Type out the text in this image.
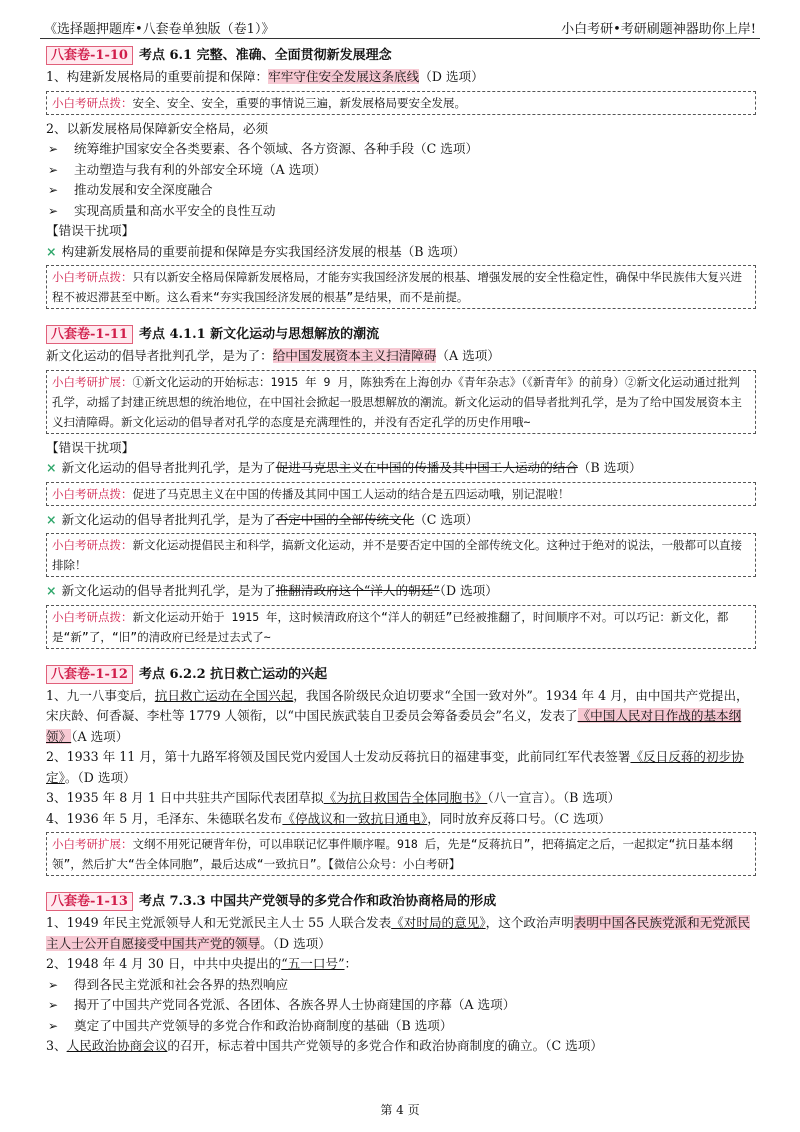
《选择题押题库•八套卷单独版（卷1）》	小白考研•考研刷题神器助你上岸!

八套卷-1-10 考点 6.1 完整、准确、全面贯彻新发展理念

1、构建新发展格局的重要前提和保障：牢牢守住安全发展这条底线（D 选项）

小白考研点拨：安全、安全、安全，重要的事情说三遍，新发展格局要安全发展。

2、以新发展格局保障新安全格局，必须

➢ 统筹维护国家安全各类要素、各个领域、各方资源、各种手段（C 选项）
➢ 主动塑造与我有利的外部安全环境（A 选项）
➢ 推动发展和安全深度融合
➢ 实现高质量和高水平安全的良性互动

【错误干扰项】

× 构建新发展格局的重要前提和保障是夯实我国经济发展的根基（B 选项）

小白考研点拨：只有以新安全格局保障新发展格局，才能夯实我国经济发展的根基、增强发展的安全性稳定性，确保中华民族伟大复兴进程不被迟滞甚至中断。这么看来“夯实我国经济发展的根基”是结果，而不是前提。

八套卷-1-11 考点 4.1.1 新文化运动与思想解放的潮流

新文化运动的倡导者批判孔学，是为了：给中国发展资本主义扫清障碍（A 选项）

小白考研扩展：①新文化运动的开始标志：1915 年 9 月，陈独秀在上海创办《青年杂志》（《新青年》的前身）②新文化运动通过批判孔学，动摇了封建正统思想的统治地位，在中国社会掀起一股思想解放的潮流。新文化运动的倡导者批判孔学，是为了给中国发展资本主义扫清障碍。新文化运动的倡导者对孔学的态度是充满理性的，并没有否定孔学的历史作用哦~

【错误干扰项】

× 新文化运动的倡导者批判孔学，是为了促进马克思主义在中国的传播及其中国工人运动的结合（B 选项）

小白考研点拨：促进了马克思主义在中国的传播及其同中国工人运动的结合是五四运动哦，别记混啦！

× 新文化运动的倡导者批判孔学，是为了否定中国的全部传统文化（C 选项）

小白考研点拨：新文化运动提倡民主和科学，搞新文化运动，并不是要否定中国的全部传统文化。这种过于绝对的说法，一般都可以直接排除！

× 新文化运动的倡导者批判孔学，是为了推翻清政府这个“洋人的朝廷”（D 选项）

小白考研点拨：新文化运动开始于 1915 年，这时候清政府这个“洋人的朝廷”已经被推翻了，时间顺序不对。可以巧记：新文化，都是“新”了，“旧”的清政府已经是过去式了~

八套卷-1-12 考点 6.2.2 抗日救亡运动的兴起

1、九一八事变后，抗日救亡运动在全国兴起，我国各阶级民众迫切要求“全国一致对外”。1934 年 4 月，由中国共产党提出，宋庆龄、何香凝、李杜等 1779 人领衔，以“中国民族武装自卫委员会筹备委员会”名义，发表了《中国人民对日作战的基本纲领》（A 选项）

2、1933 年 11 月，第十九路军将领及国民党内爱国人士发动反蒋抗日的福建事变，此前同红军代表签署《反日反蒋的初步协定》。（D 选项）

3、1935 年 8 月 1 日中共驻共产国际代表团草拟《为抗日救国告全体同胞书》（八一宣言）。（B 选项）

4、1936 年 5 月，毛泽东、朱德联名发布《停战议和一致抗日通电》，同时放弃反蒋口号。（C 选项）

小白考研扩展：文纲不用死记硬背年份，可以串联记忆事件顺序喔。918 后，先是“反蒋抗日”，把蒋搞定之后，一起拟定“抗日基本纲领”，然后扩大“告全体同胞”，最后达成“一致抗日”。【微信公众号：小白考研】

八套卷-1-13 考点 7.3.3 中国共产党领导的多党合作和政治协商格局的形成

1、1949 年民主党派领导人和无党派民主人士 55 人联合发表《对时局的意见》，这个政治声明表明中国各民族党派和无党派民主人士公开自愿接受中国共产党的领导。（D 选项）

2、1948 年 4 月 30 日，中共中央提出的“五一口号”：

➢ 得到各民主党派和社会各界的热烈响应
➢ 揭开了中国共产党同各党派、各团体、各族各界人士协商建国的序幕（A 选项）
➢ 奠定了中国共产党领导的多党合作和政治协商制度的基础（B 选项）

3、人民政治协商会议的召开，标志着中国共产党领导的多党合作和政治协商制度的确立。（C 选项）

第 4 页
